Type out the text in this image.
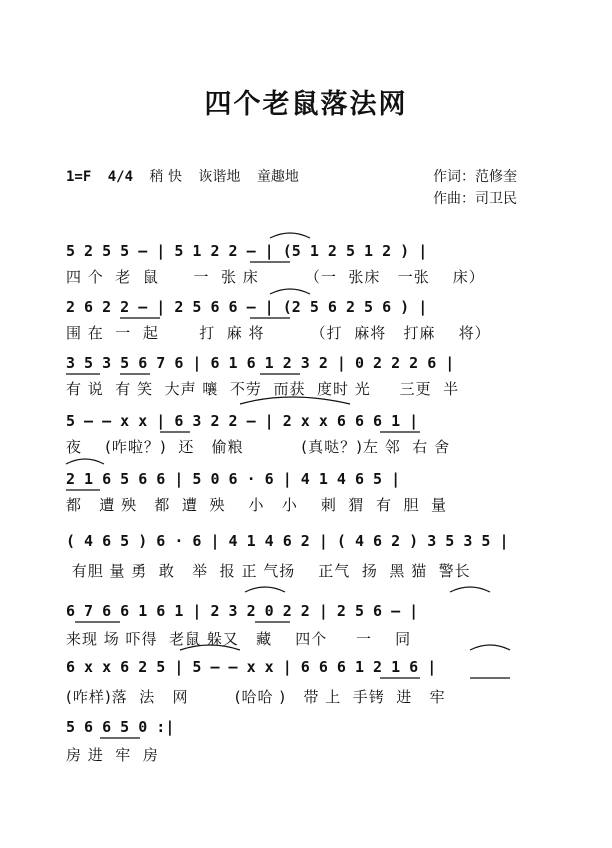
四个老鼠落法网
1=F 4/4 稍 快 诙谐地 童趣地	作词：范修奎
作曲：司卫民
5 2 5 5 – | 5 1 2 2 – | (5 1 2 5 1 2 ) |
2 6 2 2 – | 2 5 6 6 – | (2 5 6 2 5 6 ) |
3 5 3 5 6 7 6 | 6 1 6 1 2 3 2 | 0 2 2 2 6 |
5 – – x x | 6 3 2 2 – | 2 x x 6 6 6 1 |
2 1 6 5 6 6 | 5 0 6 · 6 | 4 1 4 6 5 |
( 4 6 5 ) 6 · 6 | 4 1 4 6 2 | ( 4 6 2 ) 3 5 3 5 |
6 7 6 6 1 6 1 | 2 3 2 0 2 2 | 2 5 6 – |
6 x x 6 2 5 | 5 – – x x | 6 6 6 1 2 1 6 |
5 6 6 5 0 :|
四 个  老  鼠      一  张 床        （一  张床   一张    床）
围 在  一  起       打  麻 将        （打  麻将   打麻    将）
有 说  有 笑  大声 嚷  不劳  而获  度时 光     三更  半
夜    (咋啦？)  还   偷粮          (真哒？)左 邻  右 舍
都   遭 殃   都  遭  殃    小   小    刺  猬  有  胆  量
有胆 量 勇  敢   举  报 正 气扬    正气  扬  黑 猫  警长
来现 场 吓得  老鼠 躲又   藏    四个     一    同
(咋样)落  法   网        (哈哈 )   带 上  手铐  进   牢
房 进  牢  房
